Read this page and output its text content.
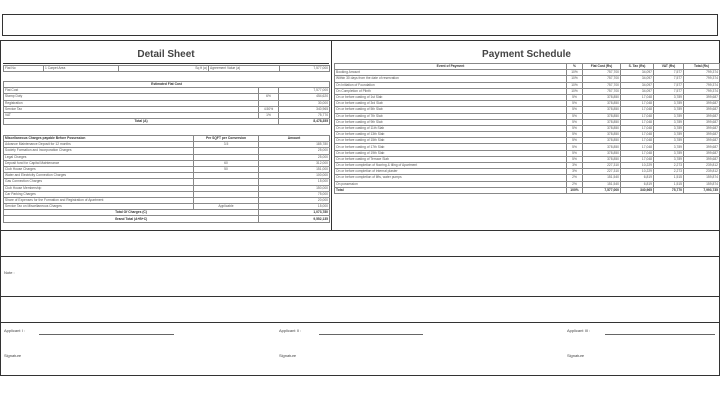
Detail Sheet
Flat No	1 Carpet Area	Sq ft (a)	Agreement Value (a)	7,577,000
Estimated Flat Cost		
Flat Cost		7,577,000
Stamp Duty	6%	454,620
Registration		30,000
Service Tax	4.50%	340,965
VAT	1%	75,770
Total (A)		8,478,355
Miscellaneous Charges payable Before Possession	Per SQFT per Conversion	Amount
Advance Maintenance Deposit for 12 months	3.5	185,780
Society Formation and Incorporation Charges		25,000
Legal Charges		25,000
Deposit fund for Capital Maintenance	60	312,000
Club House Charges	50	151,000
Water and Electricity Connection Charges		100,000
Gas Connection Charges		15,000
Club House Membership		150,000
Car Parking Charges		75,000
Share of Expenses for the Formation and Registration of Apartment		20,000
Service Tax on Miscellaneous Charges	Applicable	15,000
Total Of Charges (C)		1,073,780
Grand Total (A+B+C)		9,552,135
Payment Schedule
Event of Payment	%	Flat Cost (Rs)	S. Tax (Rs)	VAT (Rs)	Total (Rs)
Booking Amount	10%	757,700	34,097	7,577	799,374
Within 30 days from the date of reservation	10%	757,700	34,097	7,577	799,374
On Initiation of Foundation	10%	757,700	34,097	7,577	799,374
On Completion of Plinth	10%	757,700	34,097	7,577	799,374
On or before casting of 1st Slab	5%	378,850	17,048	3,789	399,687
On or before casting of 3rd Slab	5%	378,850	17,048	3,789	399,687
On or before casting of 5th Slab	5%	378,850	17,048	3,789	399,687
On or before casting of 7th Slab	5%	378,850	17,048	3,789	399,687
On or before casting of 9th Slab	5%	378,850	17,048	3,789	399,687
On or before casting of 11th Slab	5%	378,850	17,048	3,789	399,687
On or before casting of 13th Slab	5%	378,850	17,048	3,789	399,687
On or before casting of 15th Slab	5%	378,850	17,048	3,789	399,687
On or before casting of 17th Slab	5%	378,850	17,048	3,789	399,687
On or before casting of 19th Slab	5%	378,850	17,048	3,789	399,687
On or before casting of Terrace Slab	5%	378,850	17,048	3,789	399,687
On or before completion of flooring & tiling of Apartment	3%	227,310	10,229	2,273	239,812
On or before completion of internal plaster	3%	227,310	10,229	2,273	239,812
On or before completion of lifts, water pumps	2%	151,540	6,819	1,515	159,874
On possession	2%	151,540	6,819	1,515	159,874
Total	100%	7,577,000	340,965	75,770	7,993,735
Note :
Applicant I :	Applicant II :	Applicant III :
Signature	Signature	Signature
